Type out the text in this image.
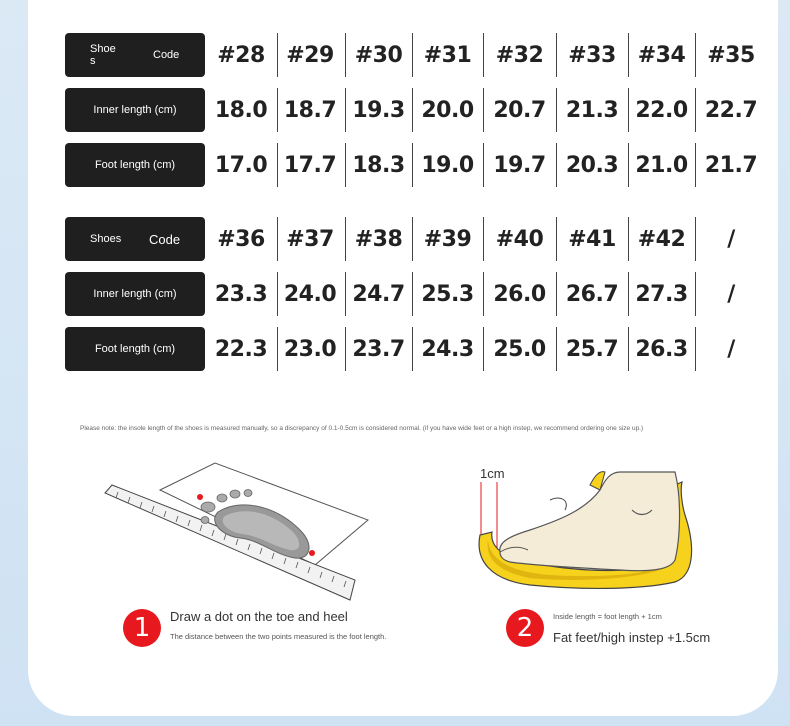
Shoe s	Code	#28 #29 #30 #31	#32	#33 #34 #35
Inner length (cm)	18.0 18.7 19.3 20.0 20.7 21.3 22.0 22.7
Foot length (cm)	17.0 17.7 18.3 19.0 19.7 20.3 21.0 21.7
Shoes	Code	#36 #37 #38 #39	#40	#41 #42	/
Inner length (cm)	23.3 24.0 24.7 25.3 26.0 26.7 27.3	/
Foot length (cm)	22.3 23.0 23.7 24.3 25.0 25.7 26.3	/
Please note: the insole length of the shoes is measured manually, so a discrepancy of 0.1-0.5cm is considered normal. (if you have wide feet or a high instep, we recommend ordering one size up.)
1cm
1	Draw a dot on the toe and heel
The distance between the two points measured is the foot length.	2	Inside length = foot length + 1cm
Fat feet/high instep +1.5cm
